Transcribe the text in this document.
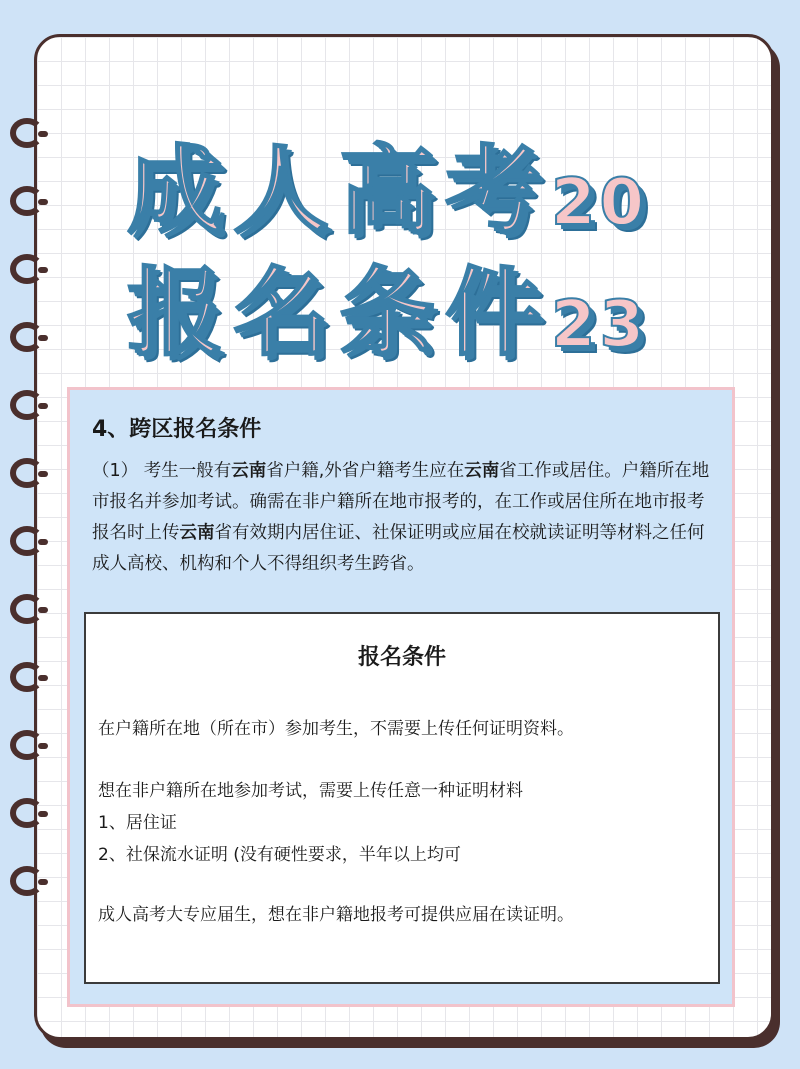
成人高考20
报名条件23
4、跨区报名条件
（1） 考生一般有云南省户籍,外省户籍考生应在云南省工作或居住。户籍所在地市报名并参加考试。确需在非户籍所在地市报考的，在工作或居住所在地市报考报名时上传云南省有效期内居住证、社保证明或应届在校就读证明等材料之任何成人高校、机构和个人不得组织考生跨省。
报名条件
在户籍所在地（所在市）参加考生，不需要上传任何证明资料。
想在非户籍所在地参加考试，需要上传任意一种证明材料
1、居住证
2、社保流水证明 (没有硬性要求，半年以上均可
成人高考大专应届生，想在非户籍地报考可提供应届在读证明。
